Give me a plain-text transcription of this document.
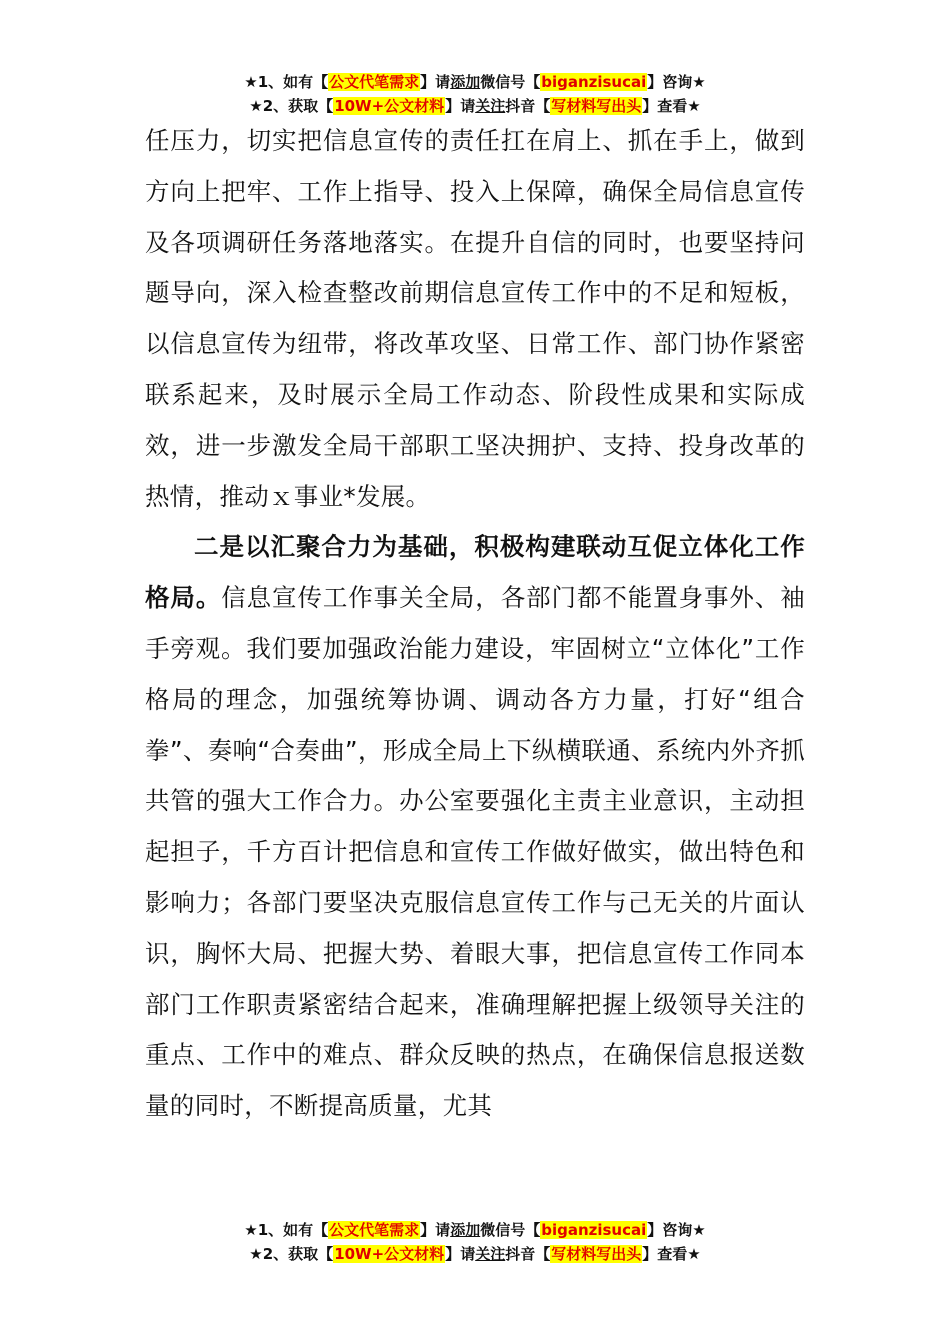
★1、如有【公文代笔需求】请添加微信号【biganzisucai】咨询★
★2、获取【10W+公文材料】请关注抖音【写材料写出头】查看★

任压力，切实把信息宣传的责任扛在肩上、抓在手上，做到方向上把牢、工作上指导、投入上保障，确保全局信息宣传及各项调研任务落地落实。在提升自信的同时，也要坚持问题导向，深入检查整改前期信息宣传工作中的不足和短板，以信息宣传为纽带，将改革攻坚、日常工作、部门协作紧密联系起来，及时展示全局工作动态、阶段性成果和实际成效，进一步激发全局干部职工坚决拥护、支持、投身改革的热情，推动ｘ事业*发展。

二是以汇聚合力为基础，积极构建联动互促立体化工作格局。信息宣传工作事关全局，各部门都不能置身事外、袖手旁观。我们要加强政治能力建设，牢固树立“立体化”工作格局的理念，加强统筹协调、调动各方力量，打好“组合拳”、奏响“合奏曲”，形成全局上下纵横联通、系统内外齐抓共管的强大工作合力。办公室要强化主责主业意识，主动担起担子，千方百计把信息和宣传工作做好做实，做出特色和影响力；各部门要坚决克服信息宣传工作与己无关的片面认识，胸怀大局、把握大势、着眼大事，把信息宣传工作同本部门工作职责紧密结合起来，准确理解把握上级领导关注的重点、工作中的难点、群众反映的热点，在确保信息报送数量的同时，不断提高质量，尤其

★1、如有【公文代笔需求】请添加微信号【biganzisucai】咨询★
★2、获取【10W+公文材料】请关注抖音【写材料写出头】查看★
